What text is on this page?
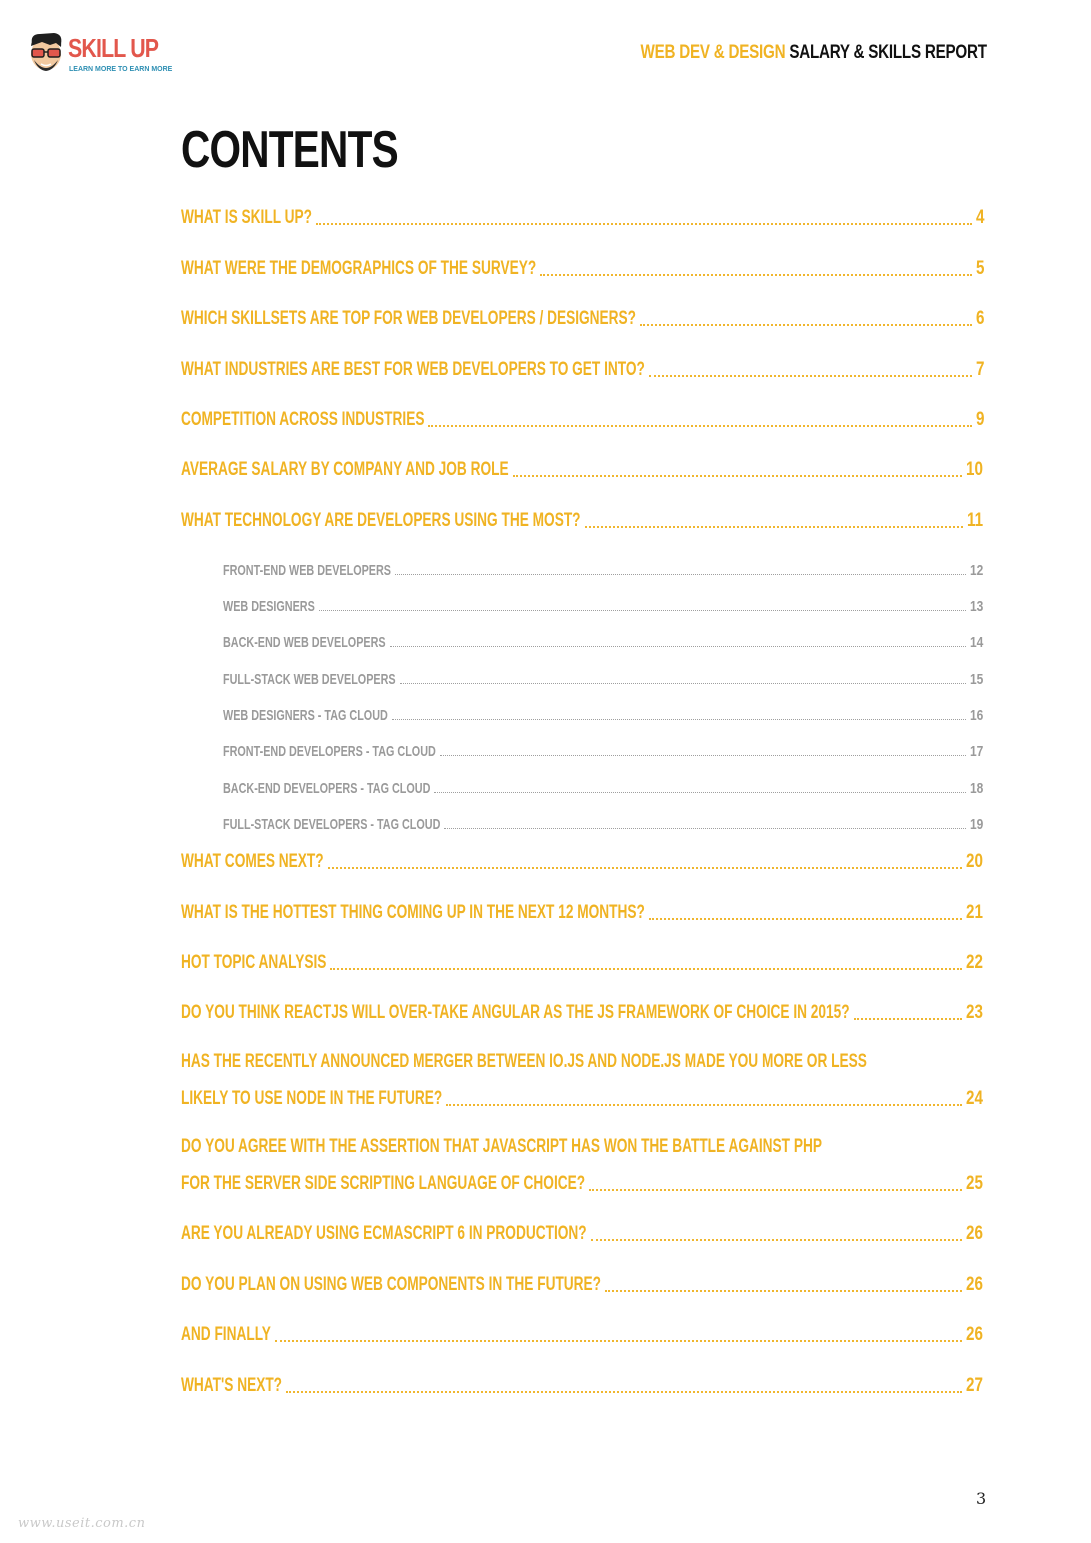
SKILL UP
LEARN MORE TO EARN MORE
WEB DEV & DESIGN SALARY & SKILLS REPORT
CONTENTS
WHAT IS SKILL UP?	4
WHAT WERE THE DEMOGRAPHICS OF THE SURVEY?	5
WHICH SKILLSETS ARE TOP FOR WEB DEVELOPERS / DESIGNERS?	6
WHAT INDUSTRIES ARE BEST FOR WEB DEVELOPERS TO GET INTO?	7
COMPETITION ACROSS INDUSTRIES	9
AVERAGE SALARY BY COMPANY AND JOB ROLE	10
WHAT TECHNOLOGY ARE DEVELOPERS USING THE MOST?	11
FRONT-END WEB DEVELOPERS	12
WEB DESIGNERS	13
BACK-END WEB DEVELOPERS	14
FULL-STACK WEB DEVELOPERS	15
WEB DESIGNERS - TAG CLOUD	16
FRONT-END DEVELOPERS - TAG CLOUD	17
BACK-END DEVELOPERS - TAG CLOUD	18
FULL-STACK DEVELOPERS - TAG CLOUD	19
WHAT COMES NEXT?	20
WHAT IS THE HOTTEST THING COMING UP IN THE NEXT 12 MONTHS?	21
HOT TOPIC ANALYSIS	22
DO YOU THINK REACTJS WILL OVER-TAKE ANGULAR AS THE JS FRAMEWORK OF CHOICE IN 2015?	23
HAS THE RECENTLY ANNOUNCED MERGER BETWEEN IO.JS AND NODE.JS MADE YOU MORE OR LESS
LIKELY TO USE NODE IN THE FUTURE?	24
DO YOU AGREE WITH THE ASSERTION THAT JAVASCRIPT HAS WON THE BATTLE AGAINST PHP
FOR THE SERVER SIDE SCRIPTING LANGUAGE OF CHOICE?	25
ARE YOU ALREADY USING ECMASCRIPT 6 IN PRODUCTION?	26
DO YOU PLAN ON USING WEB COMPONENTS IN THE FUTURE?	26
AND FINALLY	26
WHAT'S NEXT?	27
3
www.useit.com.cn
